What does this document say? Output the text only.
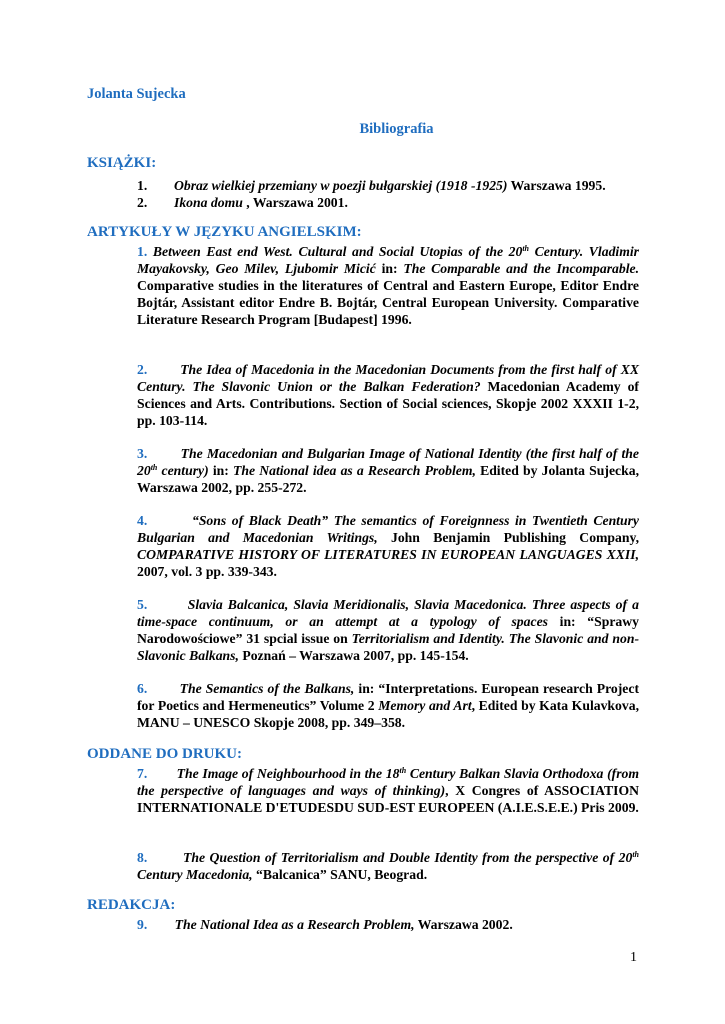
Jolanta Sujecka
Bibliografia
KSIĄŻKI:
1. Obraz wielkiej przemiany w poezji bułgarskiej (1918 -1925) Warszawa 1995.
2. Ikona domu , Warszawa 2001.
ARTYKUŁY W JĘZYKU ANGIELSKIM:
1. Between East end West. Cultural and Social Utopias of the 20th Century. Vladimir Mayakovsky, Geo Milev, Ljubomir Micić in: The Comparable and the Incomparable. Comparative studies in the literatures of Central and Eastern Europe, Editor Endre Bojtár, Assistant editor Endre B. Bojtár, Central European University. Comparative Literature Research Program [Budapest] 1996.
2. The Idea of Macedonia in the Macedonian Documents from the first half of XX Century. The Slavonic Union or the Balkan Federation? Macedonian Academy of Sciences and Arts. Contributions. Section of Social sciences, Skopje 2002 XXXII 1-2, pp. 103-114.
3. The Macedonian and Bulgarian Image of National Identity (the first half of the 20th century) in: The National idea as a Research Problem, Edited by Jolanta Sujecka, Warszawa 2002, pp. 255-272.
4.	“Sons of Black Death” The semantics of Foreignness in Twentieth Century Bulgarian and Macedonian Writings, John Benjamin Publishing Company, COMPARATIVE HISTORY OF LITERATURES IN EUROPEAN LANGUAGES XXII, 2007, vol. 3 pp. 339-343.
5.	Slavia Balcanica, Slavia Meridionalis, Slavia Macedonica. Three aspects of a time-space continuum, or an attempt at a typology of spaces in: “Sprawy Narodowościowe” 31 spcial issue on Territorialism and Identity. The Slavonic and non-Slavonic Balkans, Poznań – Warszawa 2007, pp. 145-154.
6. The Semantics of the Balkans, in: “Interpretations. European research Project for Poetics and Hermeneutics” Volume 2 Memory and Art, Edited by Kata Kulavkova, MANU – UNESCO Skopje 2008, pp. 349–358.
ODDANE DO DRUKU:
7. The Image of Neighbourhood in the 18th Century Balkan Slavia Orthodoxa (from the perspective of languages and ways of thinking), X Congres of ASSOCIATION INTERNATIONALE D'ETUDESDU SUD-EST EUROPEEN (A.I.E.S.E.E.) Pris 2009.
8.	The Question of Territorialism and Double Identity from the perspective of 20th Century Macedonia, “Balcanica” SANU, Beograd.
REDAKCJA:
9. The National Idea as a Research Problem, Warszawa 2002.
1
